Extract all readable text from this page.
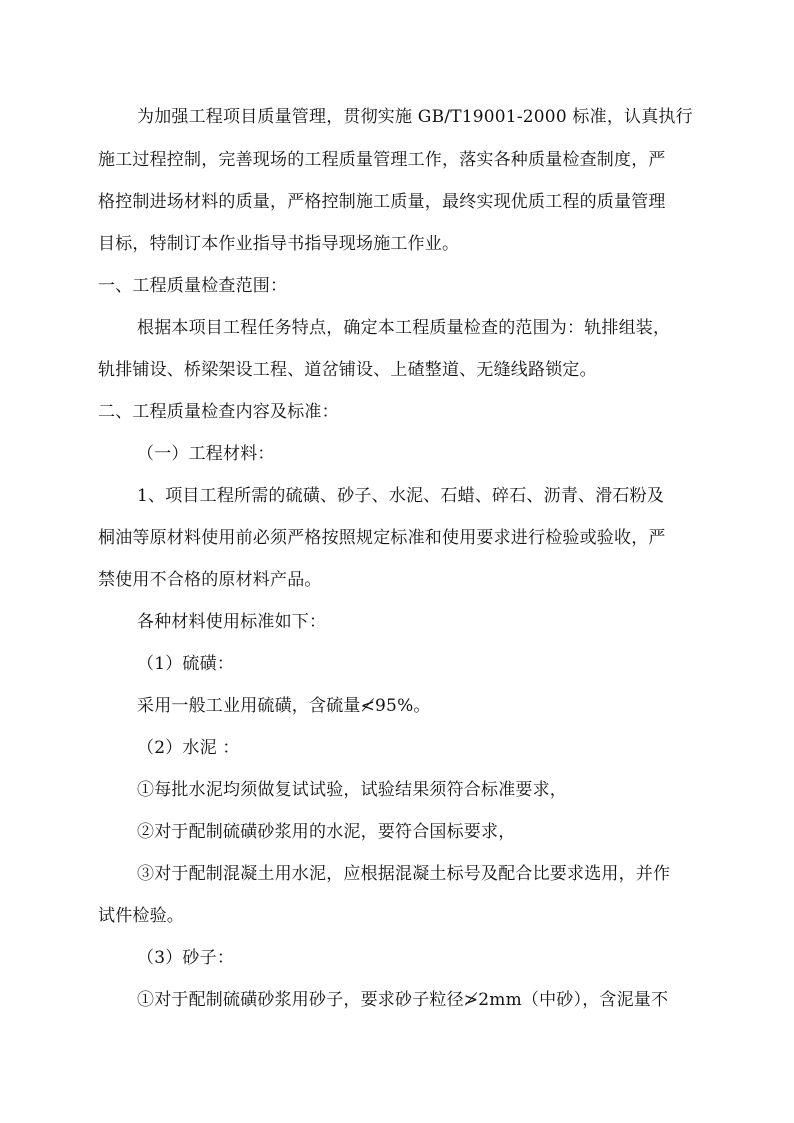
为加强工程项目质量管理，贯彻实施 GB/T19001-2000 标准，认真执行
施工过程控制，完善现场的工程质量管理工作，落实各种质量检查制度，严
格控制进场材料的质量，严格控制施工质量，最终实现优质工程的质量管理
目标，特制订本作业指导书指导现场施工作业。
一、工程质量检查范围：
根据本项目工程任务特点，确定本工程质量检查的范围为：轨排组装，
轨排铺设、桥梁架设工程、道岔铺设、上碴整道、无缝线路锁定。
二、工程质量检查内容及标准：
（一）工程材料：
1、项目工程所需的硫磺、砂子、水泥、石蜡、碎石、沥青、滑石粉及
桐油等原材料使用前必须严格按照规定标准和使用要求进行检验或验收，严
禁使用不合格的原材料产品。
各种材料使用标准如下：
（1）硫磺：
采用一般工业用硫磺，含硫量≮95%。
（2）水泥 ：
①每批水泥均须做复试试验，试验结果须符合标准要求，
②对于配制硫磺砂浆用的水泥，要符合国标要求，
③对于配制混凝土用水泥，应根据混凝土标号及配合比要求选用，并作
试件检验。
（3）砂子：
①对于配制硫磺砂浆用砂子，要求砂子粒径≯2mm（中砂），含泥量不
